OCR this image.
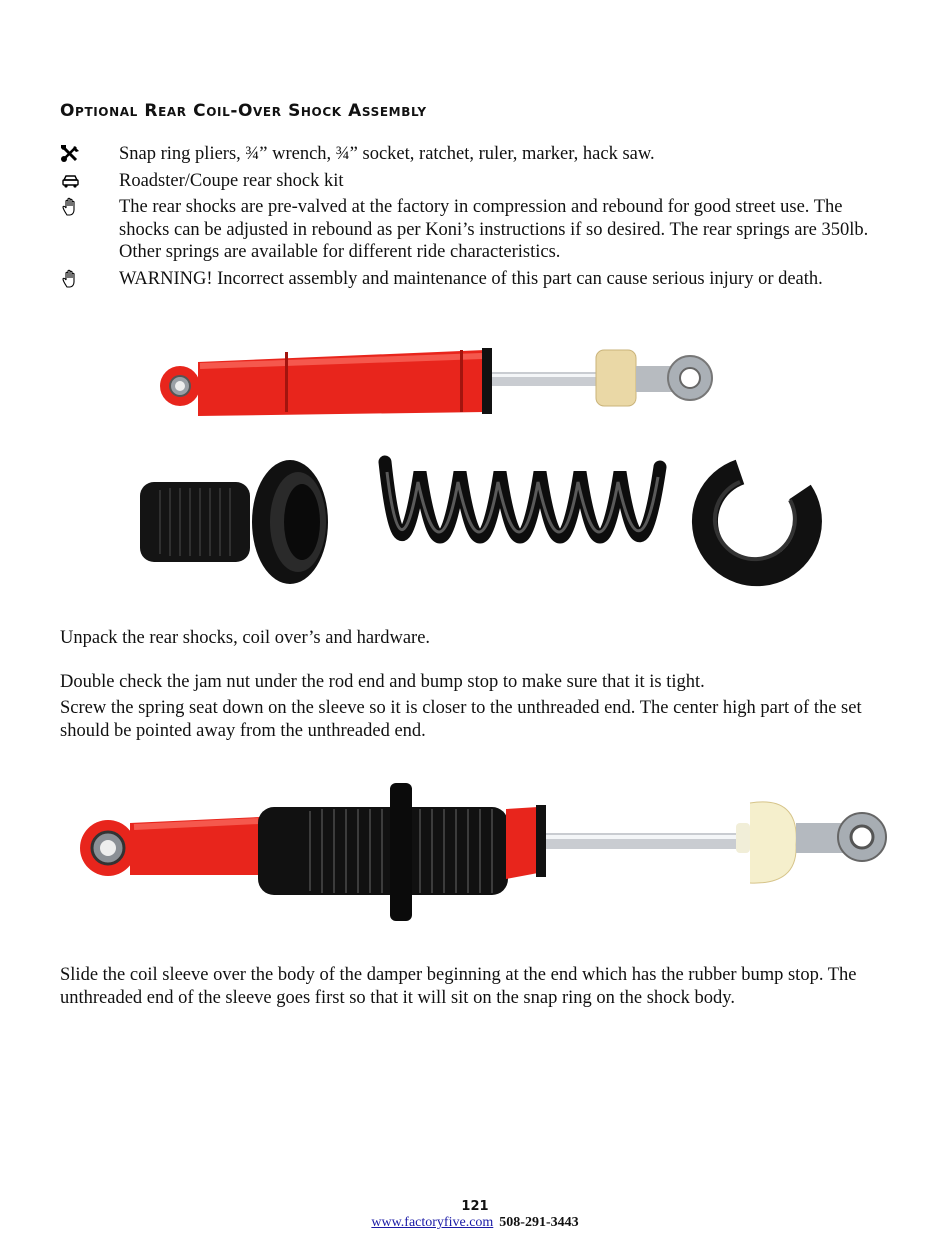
Optional Rear Coil-Over Shock Assembly
Snap ring pliers, ¾” wrench, ¾” socket, ratchet, ruler, marker, hack saw.
Roadster/Coupe rear shock kit
The rear shocks are pre-valved at the factory in compression and rebound for good street use. The shocks can be adjusted in rebound as per Koni’s instructions if so desired. The rear springs are 350lb. Other springs are available for different ride characteristics.
WARNING! Incorrect assembly and maintenance of this part can cause serious injury or death.
Unpack the rear shocks, coil over’s and hardware.
Double check the jam nut under the rod end and bump stop to make sure that it is tight.
Screw the spring seat down on the sleeve so it is closer to the unthreaded end. The center high part of the set should be pointed away from the unthreaded end.
Slide the coil sleeve over the body of the damper beginning at the end which has the rubber bump stop. The unthreaded end of the sleeve goes first so that it will sit on the snap ring on the shock body.
121
www.factoryfive.com 508-291-3443
